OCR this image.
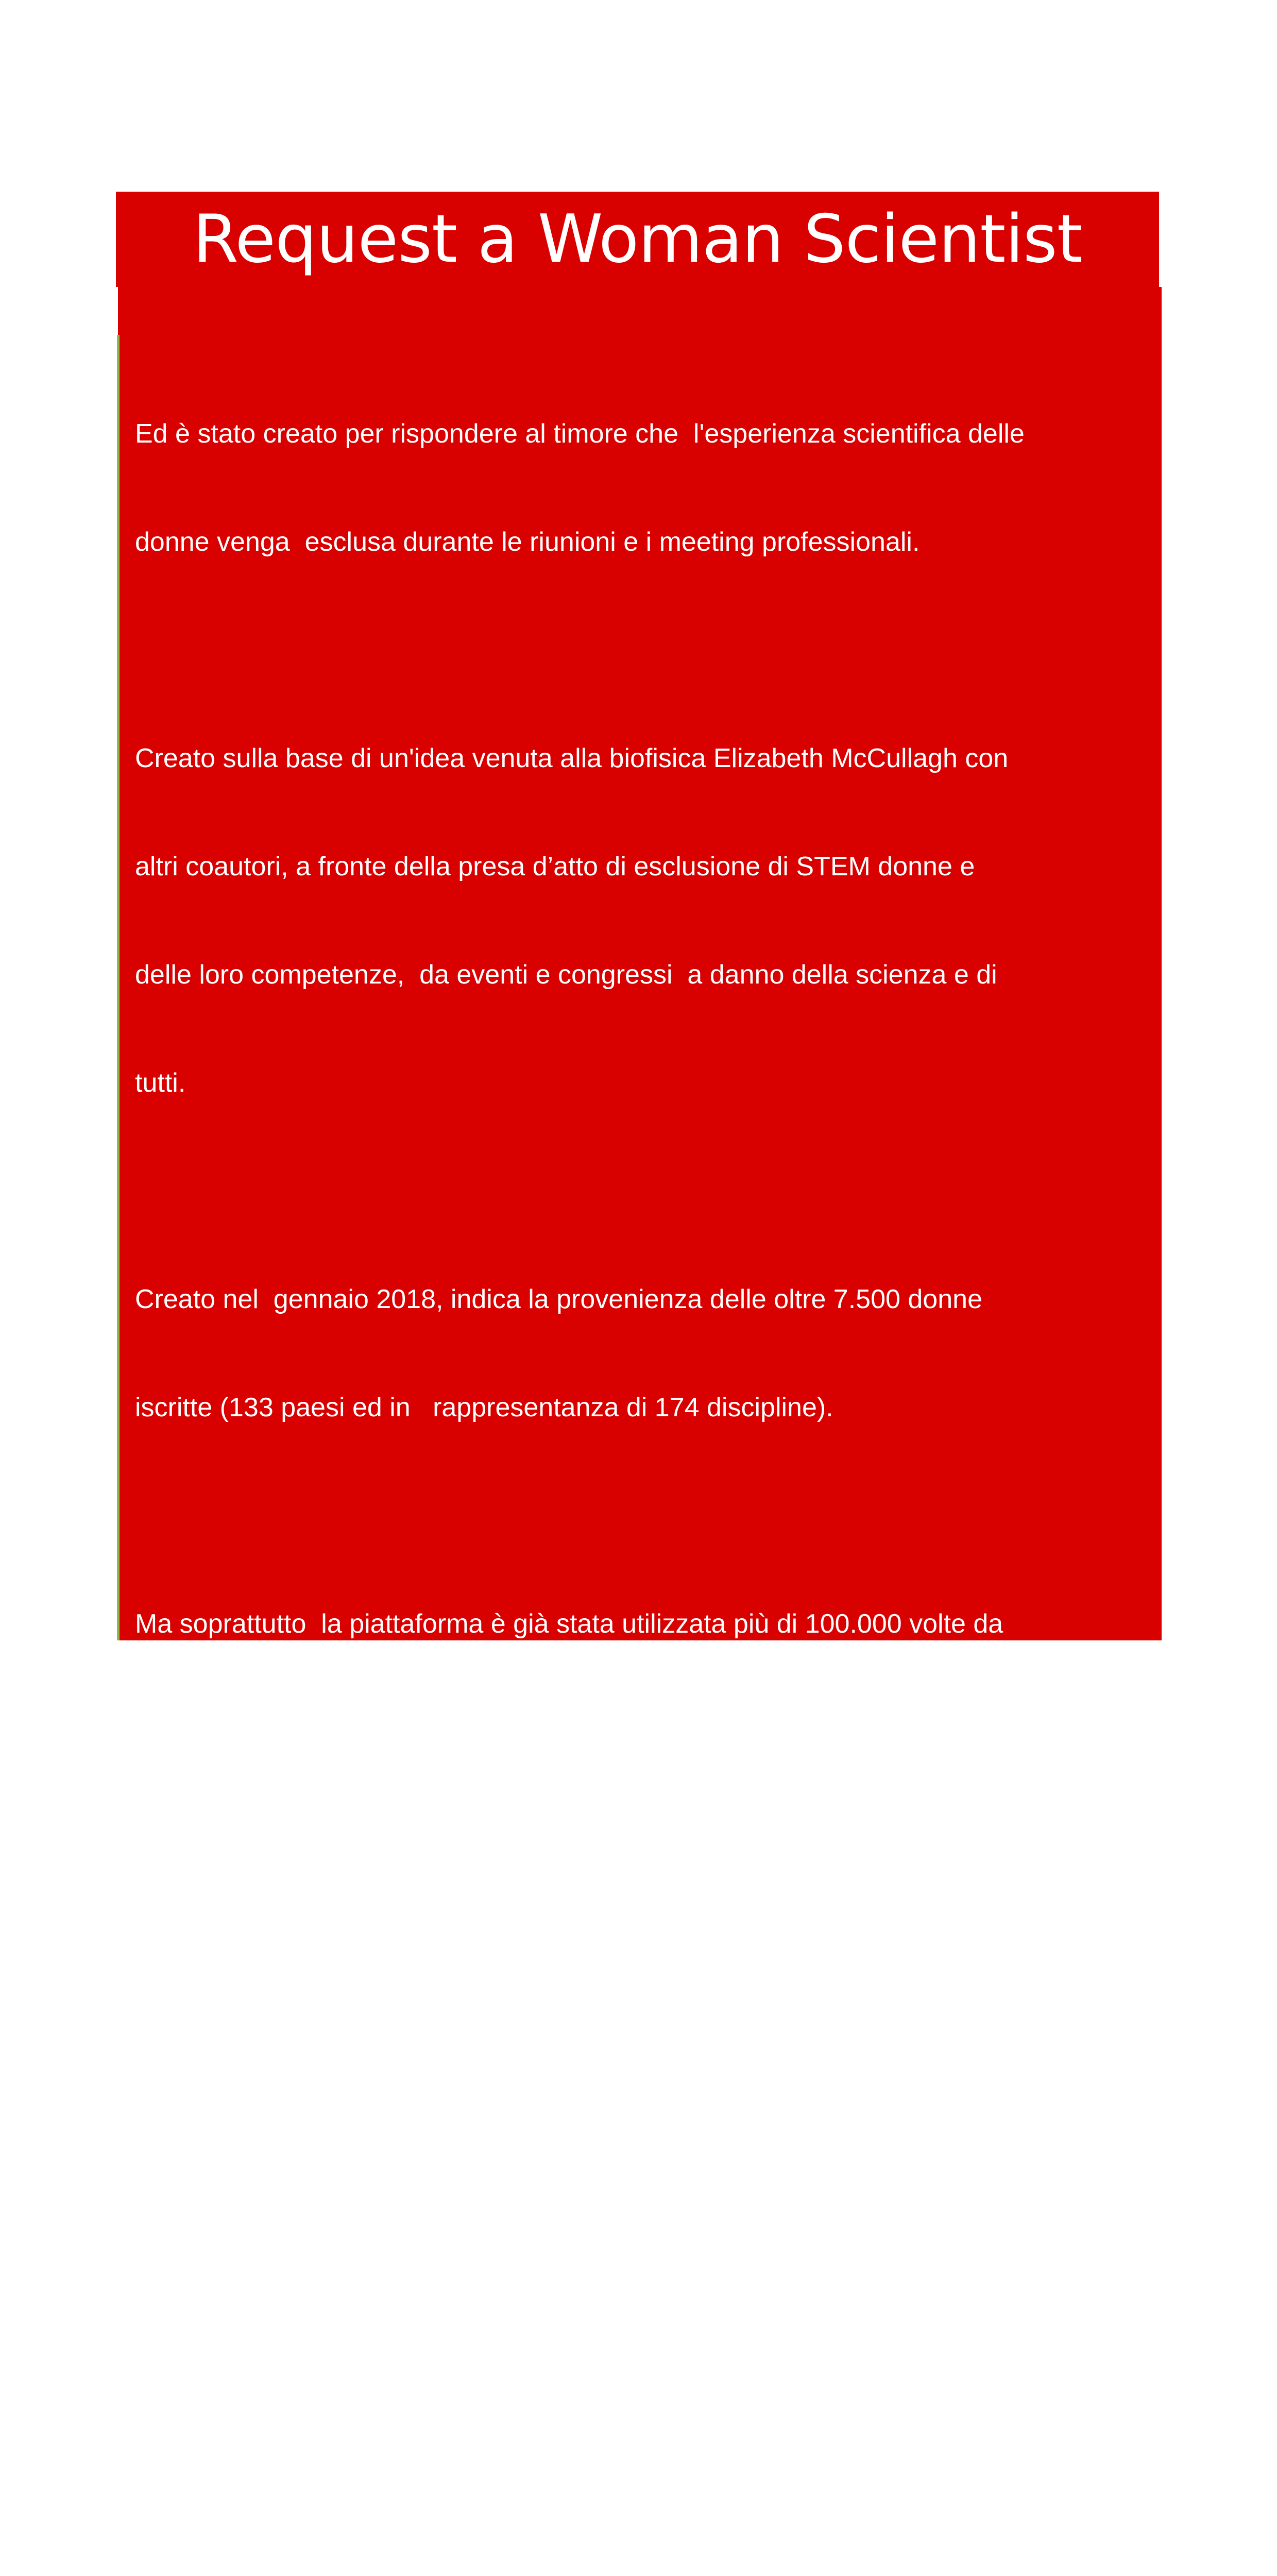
Request a Woman Scientist

Ed è stato creato per rispondere al timore che  l'esperienza scientifica delle

donne venga  esclusa durante le riunioni e i meeting professionali.

Creato sulla base di un'idea venuta alla biofisica Elizabeth McCullagh con

altri coautori, a fronte della presa d’atto di esclusione di STEM donne e

delle loro competenze,  da eventi e congressi  a danno della scienza e di

tutti.

Creato nel  gennaio 2018, indica la provenienza delle oltre 7.500 donne

iscritte (133 paesi ed in   rappresentanza di 174 discipline).

Ma soprattutto  la piattaforma è già stata utilizzata più di 100.000 volte da

giornalisti, organizzatori di conferenze, insegnanti scolastici e altri scienziati.

Il giorno 11 febbraio è la data dedicata alle donne ed alle ragazze

impegnate nelle scienze  e nelle tecnologie da parte dell’ONU: ricorrenza

quasi dimenticata dalla opinione pubblica.

Ma la UIL la ricorda  perché in questa organizzazione sta passando la

cultura femminista della rivendicazione dei saperi, dei talenti e
